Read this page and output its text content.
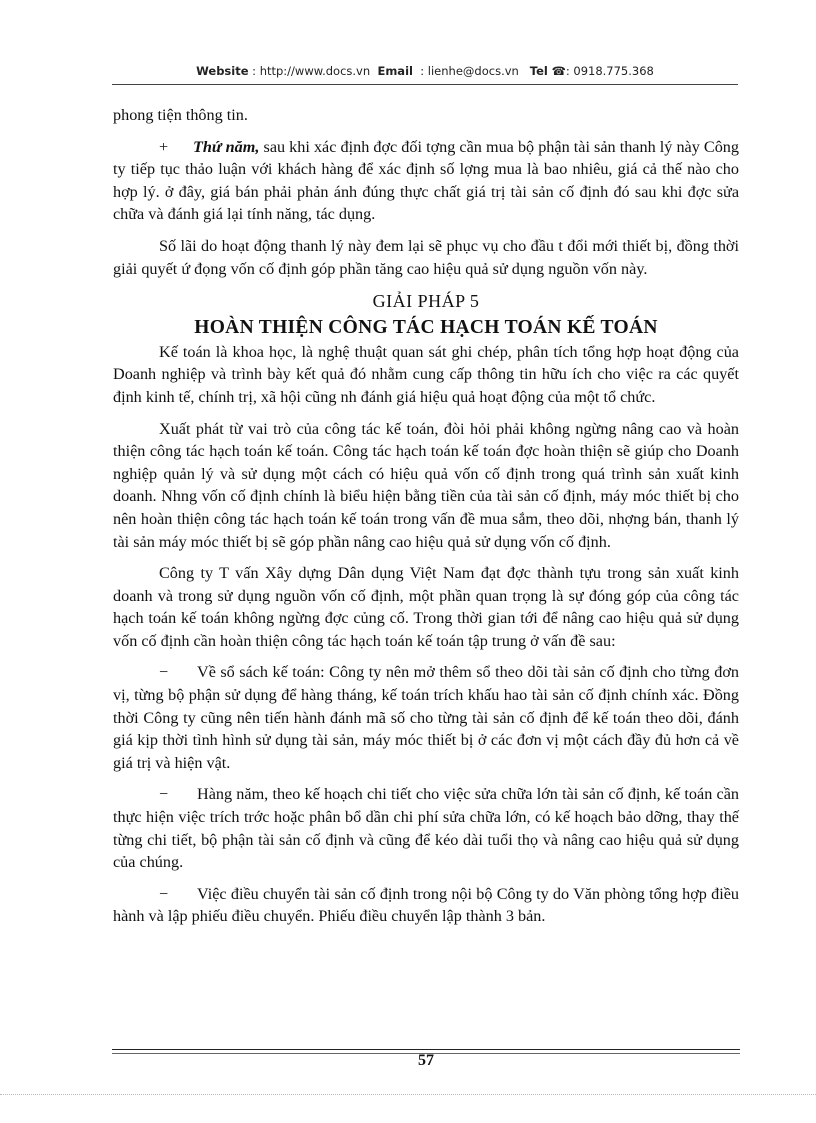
Website : http://www.docs.vn Email : lienhe@docs.vn Tel ☎: 0918.775.368

phong tiện thông tin.

+ Thứ năm, sau khi xác định đợc đối tợng cần mua bộ phận tài sản thanh lý này Công ty tiếp tục thảo luận với khách hàng để xác định số lợng mua là bao nhiêu, giá cả thế nào cho hợp lý. ở đây, giá bán phải phản ánh đúng thực chất giá trị tài sản cố định đó sau khi đợc sửa chữa và đánh giá lại tính năng, tác dụng.

Số lãi do hoạt động thanh lý này đem lại sẽ phục vụ cho đầu t đổi mới thiết bị, đồng thời giải quyết ứ đọng vốn cố định góp phần tăng cao hiệu quả sử dụng nguồn vốn này.

GIẢI PHÁP 5
HOÀN THIỆN CÔNG TÁC HẠCH TOÁN KẾ TOÁN

Kế toán là khoa học, là nghệ thuật quan sát ghi chép, phân tích tổng hợp hoạt động của Doanh nghiệp và trình bày kết quả đó nhằm cung cấp thông tin hữu ích cho việc ra các quyết định kinh tế, chính trị, xã hội cũng nh đánh giá hiệu quả hoạt động của một tổ chức.

Xuất phát từ vai trò của công tác kế toán, đòi hỏi phải không ngừng nâng cao và hoàn thiện công tác hạch toán kế toán. Công tác hạch toán kế toán đợc hoàn thiện sẽ giúp cho Doanh nghiệp quản lý và sử dụng một cách có hiệu quả vốn cố định trong quá trình sản xuất kinh doanh. Nhng vốn cố định chính là biểu hiện bằng tiền của tài sản cố định, máy móc thiết bị cho nên hoàn thiện công tác hạch toán kế toán trong vấn đề mua sắm, theo dõi, nhợng bán, thanh lý tài sản máy móc thiết bị sẽ góp phần nâng cao hiệu quả sử dụng vốn cố định.

Công ty T vấn Xây dựng Dân dụng Việt Nam đạt đợc thành tựu trong sản xuất kinh doanh và trong sử dụng nguồn vốn cố định, một phần quan trọng là sự đóng góp của công tác hạch toán kế toán không ngừng đợc củng cố. Trong thời gian tới để nâng cao hiệu quả sử dụng vốn cố định cần hoàn thiện công tác hạch toán kế toán tập trung ở vấn đề sau:

− Về sổ sách kế toán: Công ty nên mở thêm sổ theo dõi tài sản cố định cho từng đơn vị, từng bộ phận sử dụng để hàng tháng, kế toán trích khấu hao tài sản cố định chính xác. Đồng thời Công ty cũng nên tiến hành đánh mã số cho từng tài sản cố định để kế toán theo dõi, đánh giá kịp thời tình hình sử dụng tài sản, máy móc thiết bị ở các đơn vị một cách đầy đủ hơn cả về giá trị và hiện vật.

− Hàng năm, theo kế hoạch chi tiết cho việc sửa chữa lớn tài sản cố định, kế toán cần thực hiện việc trích trớc hoặc phân bổ dần chi phí sửa chữa lớn, có kế hoạch bảo dỡng, thay thế từng chi tiết, bộ phận tài sản cố định và cũng để kéo dài tuổi thọ và nâng cao hiệu quả sử dụng của chúng.

− Việc điều chuyển tài sản cố định trong nội bộ Công ty do Văn phòng tổng hợp điều hành và lập phiếu điều chuyển. Phiếu điều chuyển lập thành 3 bản.

57
